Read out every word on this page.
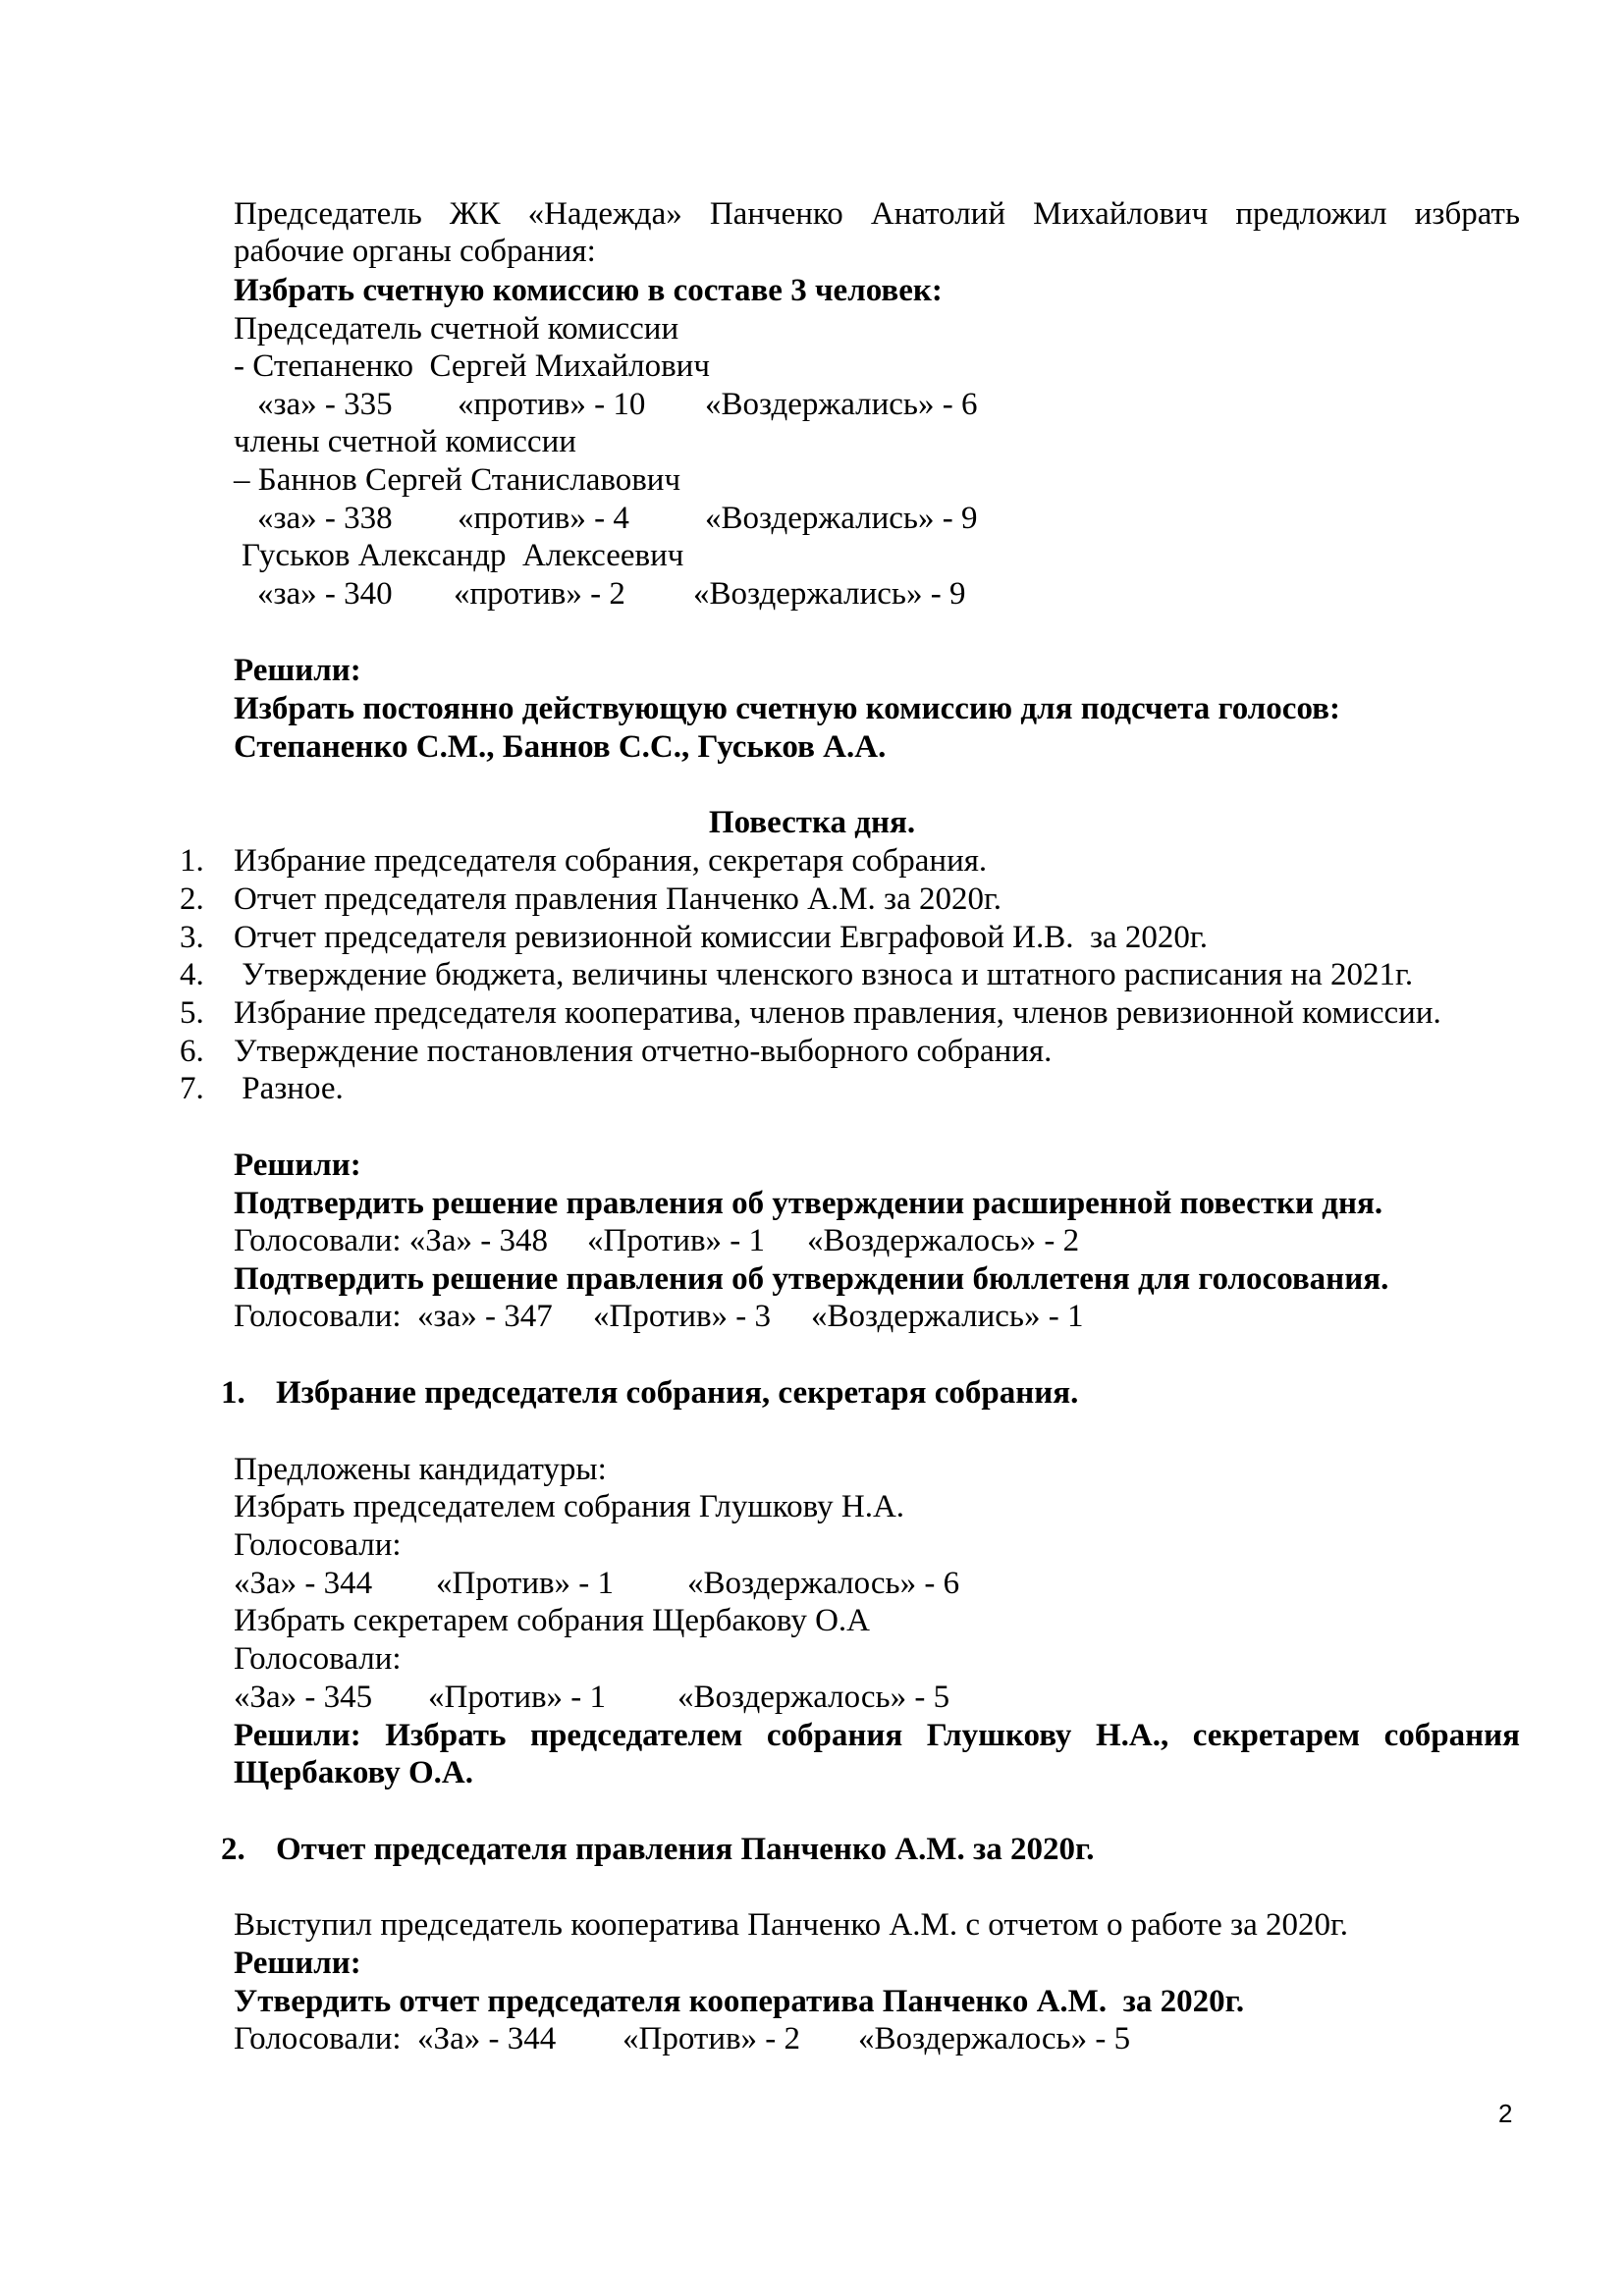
Председатель ЖК «Надежда» Панченко Анатолий Михайлович предложил избрать
рабочие органы собрания:
Избрать счетную комиссию в составе 3 человек:
Председатель счетной комиссии
- Степаненко  Сергей Михайлович
«за» - 335 «против» - 10 «Воздержались» - 6
члены счетной комиссии
– Баннов Сергей Станиславович
«за» - 338 «против» - 4 «Воздержались» - 9
Гуськов Александр  Алексеевич
«за» - 340 «против» - 2 «Воздержались» - 9
Решили:
Избрать постоянно действующую счетную комиссию для подсчета голосов:
Степаненко С.М., Баннов С.С., Гуськов А.А.
Повестка дня.
1. Избрание председателя собрания, секретаря собрания.
2. Отчет председателя правления Панченко А.М. за 2020г.
3. Отчет председателя ревизионной комиссии Евграфовой И.В.  за 2020г.
4. Утверждение бюджета, величины членского взноса и штатного расписания на 2021г.
5. Избрание председателя кооператива, членов правления, членов ревизионной комиссии.
6. Утверждение постановления отчетно-выборного собрания.
7. Разное.
Решили:
Подтвердить решение правления об утверждении расширенной повестки дня.
Голосовали: «За» - 348 «Против» - 1 «Воздержалось» - 2
Подтвердить решение правления об утверждении бюллетеня для голосования.
Голосовали:  «за» - 347 «Против» - 3 «Воздержались» - 1
1. Избрание председателя собрания, секретаря собрания.
Предложены кандидатуры:
Избрать председателем собрания Глушкову Н.А.
Голосовали:
«За» - 344 «Против» - 1 «Воздержалось» - 6
Избрать секретарем собрания Щербакову О.А
Голосовали:
«За» - 345 «Против» - 1 «Воздержалось» - 5
Решили: Избрать председателем собрания Глушкову Н.А., секретарем собрания
Щербакову О.А.
2. Отчет председателя правления Панченко А.М. за 2020г.
Выступил председатель кооператива Панченко А.М. с отчетом о работе за 2020г.
Решили:
Утвердить отчет председателя кооператива Панченко А.М.  за 2020г.
Голосовали:  «За» - 344 «Против» - 2 «Воздержалось» - 5
2
